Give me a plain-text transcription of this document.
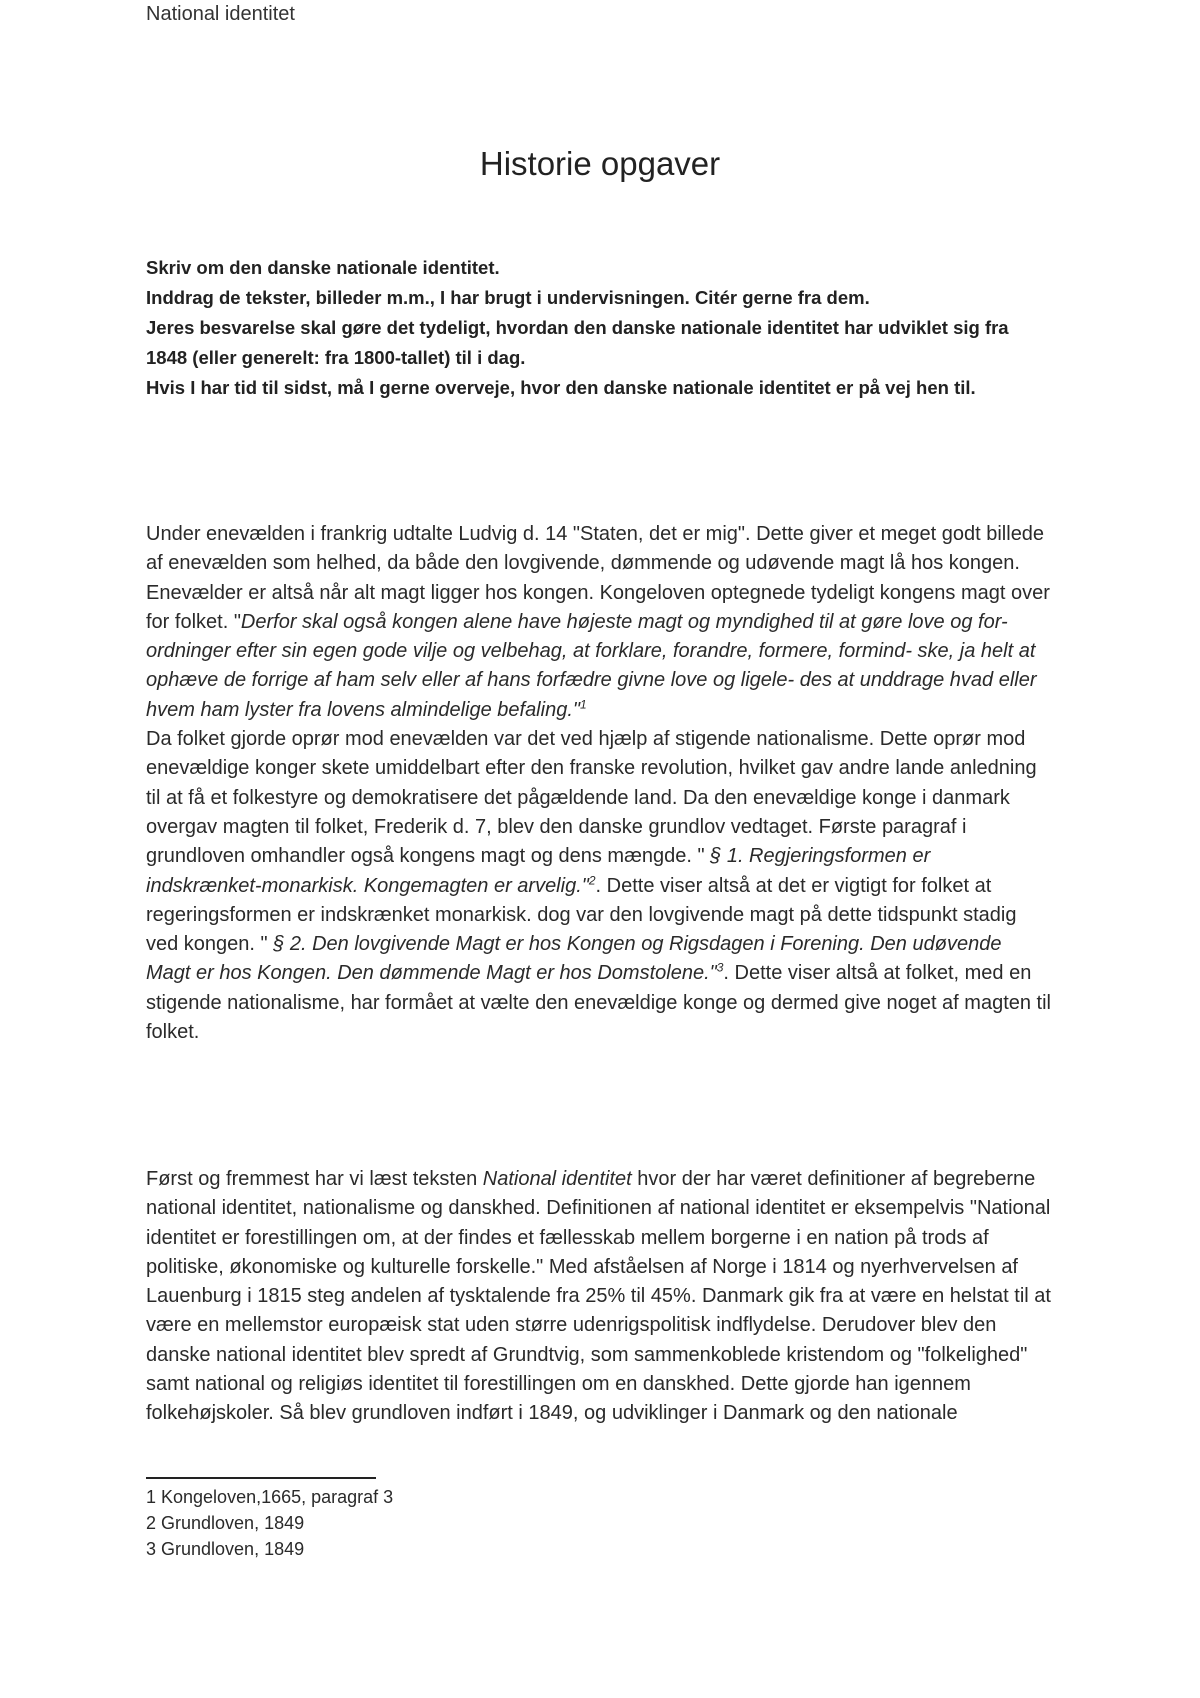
National identitet
Historie opgaver

Skriv om den danske nationale identitet.

Inddrag de tekster, billeder m.m., I har brugt i undervisningen. Citér gerne fra dem.

Jeres besvarelse skal gøre det tydeligt, hvordan den danske nationale identitet har udviklet sig fra 1848 (eller generelt: fra 1800-tallet) til i dag.

Hvis I har tid til sidst, må I gerne overveje, hvor den danske nationale identitet er på vej hen til.

Under enevælden i frankrig udtalte Ludvig d. 14 "Staten, det er mig". Dette giver et meget godt billede af enevælden som helhed, da både den lovgivende, dømmende og udøvende magt lå hos kongen. Enevælder er altså når alt magt ligger hos kongen. Kongeloven optegnede tydeligt kongens magt over for folket. "Derfor skal også kongen alene have højeste magt og myndighed til at gøre love og for- ordninger efter sin egen gode vilje og velbehag, at forklare, forandre, formere, formind- ske, ja helt at ophæve de forrige af ham selv eller af hans forfædre givne love og ligele- des at unddrage hvad eller hvem ham lyster fra lovens almindelige befaling."$^1$

Da folket gjorde oprør mod enevælden var det ved hjælp af stigende nationalisme. Dette oprør mod enevældige konger skete umiddelbart efter den franske revolution, hvilket gav andre lande anledning til at få et folkestyre og demokratisere det pågældende land. Da den enevældige konge i danmark overgav magten til folket, Frederik d. 7, blev den danske grundlov vedtaget. Første paragraf i grundloven omhandler også kongens magt og dens mængde. " § 1. Regjeringsformen er indskrænket-monarkisk. Kongemagten er arvelig."$^2$. Dette viser altså at det er vigtigt for folket at regeringsformen er indskrænket monarkisk. dog var den lovgivende magt på dette tidspunkt stadig ved kongen. " § 2. Den lovgivende Magt er hos Kongen og Rigsdagen i Forening. Den udøvende Magt er hos Kongen. Den dømmende Magt er hos Domstolene."$^3$. Dette viser altså at folket, med en stigende nationalisme, har formået at vælte den enevældige konge og dermed give noget af magten til folket.

Først og fremmest har vi læst teksten National identitet hvor der har været definitioner af begreberne national identitet, nationalisme og danskhed. Definitionen af national identitet er eksempelvis "National identitet er forestillingen om, at der findes et fællesskab mellem borgerne i en nation på trods af politiske, økonomiske og kulturelle forskelle." Med afståelsen af Norge i 1814 og nyerhvervelsen af Lauenburg i 1815 steg andelen af tysktalende fra 25% til 45%. Danmark gik fra at være en helstat til at være en mellemstor europæisk stat uden større udenrigspolitisk indflydelse. Derudover blev den danske national identitet blev spredt af Grundtvig, som sammenkoblede kristendom og "folkelighed" samt national og religiøs identitet til forestillingen om en danskhed. Dette gjorde han igennem folkehøjskoler. Så blev grundloven indført i 1849, og udviklinger i Danmark og den nationale

1 Kongeloven,1665, paragraf 3
2 Grundloven, 1849
3 Grundloven, 1849
